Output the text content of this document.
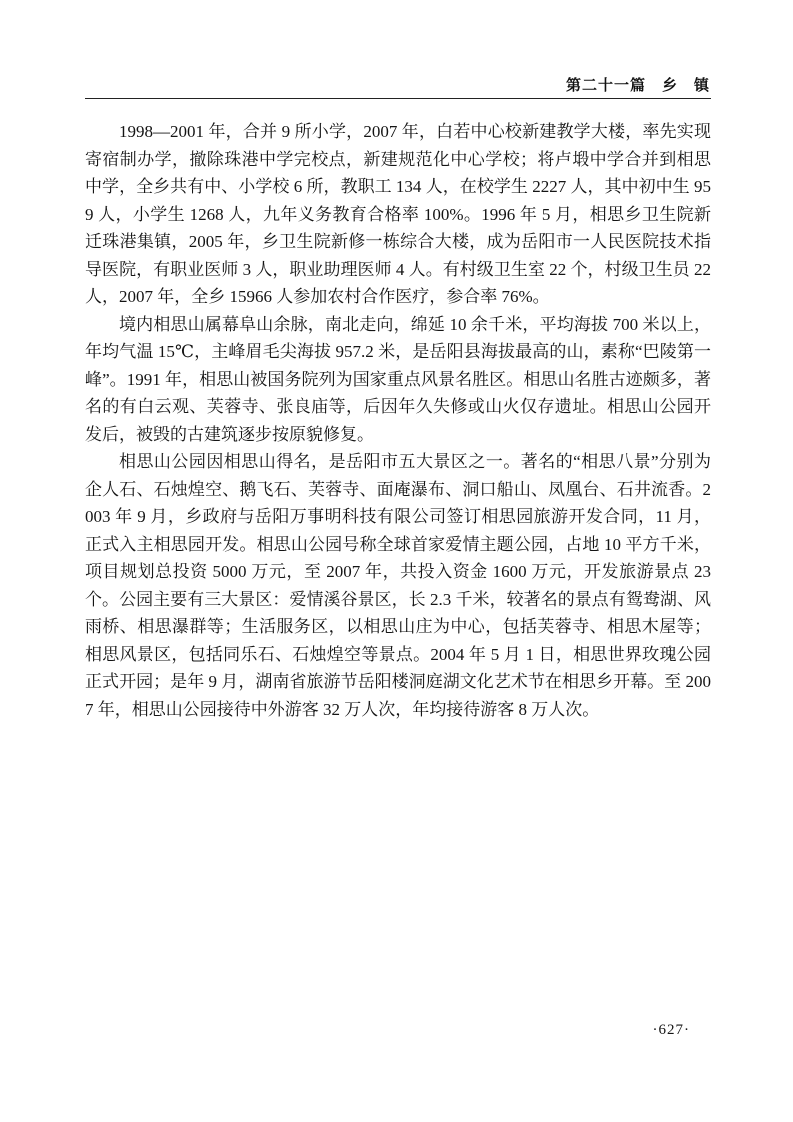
第二十一篇　乡　镇

1998—2001 年，合并 9 所小学，2007 年，白若中心校新建教学大楼，率先实现寄宿制办学，撤除珠港中学完校点，新建规范化中心学校；将卢塅中学合并到相思中学，全乡共有中、小学校 6 所，教职工 134 人，在校学生 2227 人，其中初中生 959 人，小学生 1268 人，九年义务教育合格率 100%。1996 年 5 月，相思乡卫生院新迁珠港集镇，2005 年，乡卫生院新修一栋综合大楼，成为岳阳市一人民医院技术指导医院，有职业医师 3 人，职业助理医师 4 人。有村级卫生室 22 个，村级卫生员 22 人，2007 年，全乡 15966 人参加农村合作医疗，参合率 76%。

境内相思山属幕阜山余脉，南北走向，绵延 10 余千米，平均海拔 700 米以上，年均气温 15℃，主峰眉毛尖海拔 957.2 米，是岳阳县海拔最高的山，素称“巴陵第一峰”。1991 年，相思山被国务院列为国家重点风景名胜区。相思山名胜古迹颇多，著名的有白云观、芙蓉寺、张良庙等，后因年久失修或山火仅存遗址。相思山公园开发后，被毁的古建筑逐步按原貌修复。

相思山公园因相思山得名，是岳阳市五大景区之一。著名的“相思八景”分别为企人石、石烛煌空、鹅飞石、芙蓉寺、面庵瀑布、洞口船山、凤凰台、石井流香。2003 年 9 月，乡政府与岳阳万事明科技有限公司签订相思园旅游开发合同，11 月，正式入主相思园开发。相思山公园号称全球首家爱情主题公园，占地 10 平方千米，项目规划总投资 5000 万元，至 2007 年，共投入资金 1600 万元，开发旅游景点 23 个。公园主要有三大景区：爱情溪谷景区，长 2.3 千米，较著名的景点有鸳鸯湖、风雨桥、相思瀑群等；生活服务区，以相思山庄为中心，包括芙蓉寺、相思木屋等；相思风景区，包括同乐石、石烛煌空等景点。2004 年 5 月 1 日，相思世界玫瑰公园正式开园；是年 9 月，湖南省旅游节岳阳楼洞庭湖文化艺术节在相思乡开幕。至 2007 年，相思山公园接待中外游客 32 万人次，年均接待游客 8 万人次。

·627·
